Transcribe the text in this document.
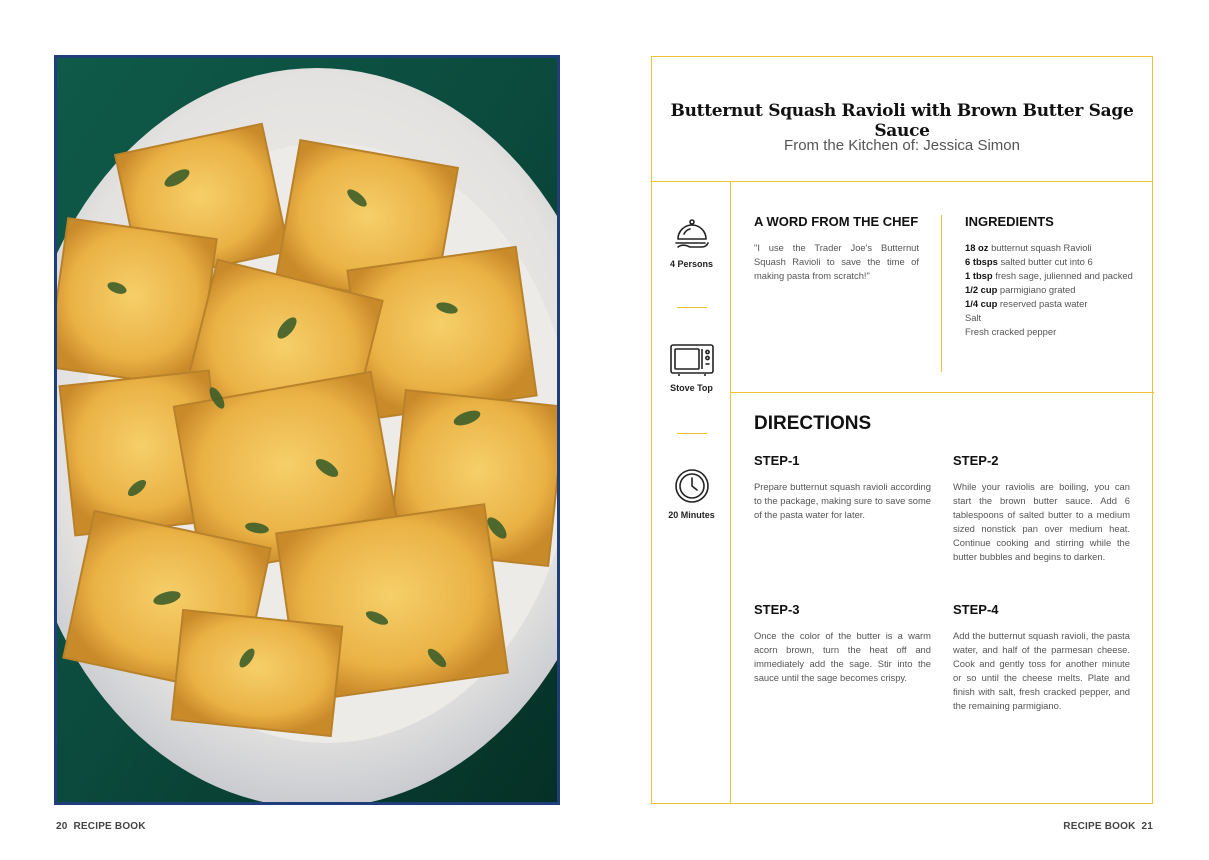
Butternut Squash Ravioli with Brown Butter Sage Sauce
From the Kitchen of: Jessica Simon
4 Persons
Stove Top
20 Minutes
A WORD FROM THE CHEF

"I use the Trader Joe's Butternut Squash Ravioli to save the time of making pasta from scratch!"

INGREDIENTS
18 oz butternut squash Ravioli
6 tbsps salted butter cut into 6
1 tbsp fresh sage, julienned and packed
1/2 cup parmigiano grated
1/4 cup reserved pasta water
Salt
Fresh cracked pepper
DIRECTIONS
STEP-1

Prepare butternut squash ravioli according to the package, making sure to save some of the pasta water for later.

STEP-2

While your raviolis are boiling, you can start the brown butter sauce. Add 6 tablespoons of salted butter to a medium sized nonstick pan over medium heat. Continue cooking and stirring while the butter bubbles and begins to darken.

STEP-3

Once the color of the butter is a warm acorn brown, turn the heat off and immediately add the sage. Stir into the sauce until the sage becomes crispy.

STEP-4

Add the butternut squash ravioli, the pasta water, and half of the parmesan cheese. Cook and gently toss for another minute or so until the cheese melts. Plate and finish with salt, fresh cracked pepper, and the remaining parmigiano.

20 RECIPE BOOK	RECIPE BOOK 21
